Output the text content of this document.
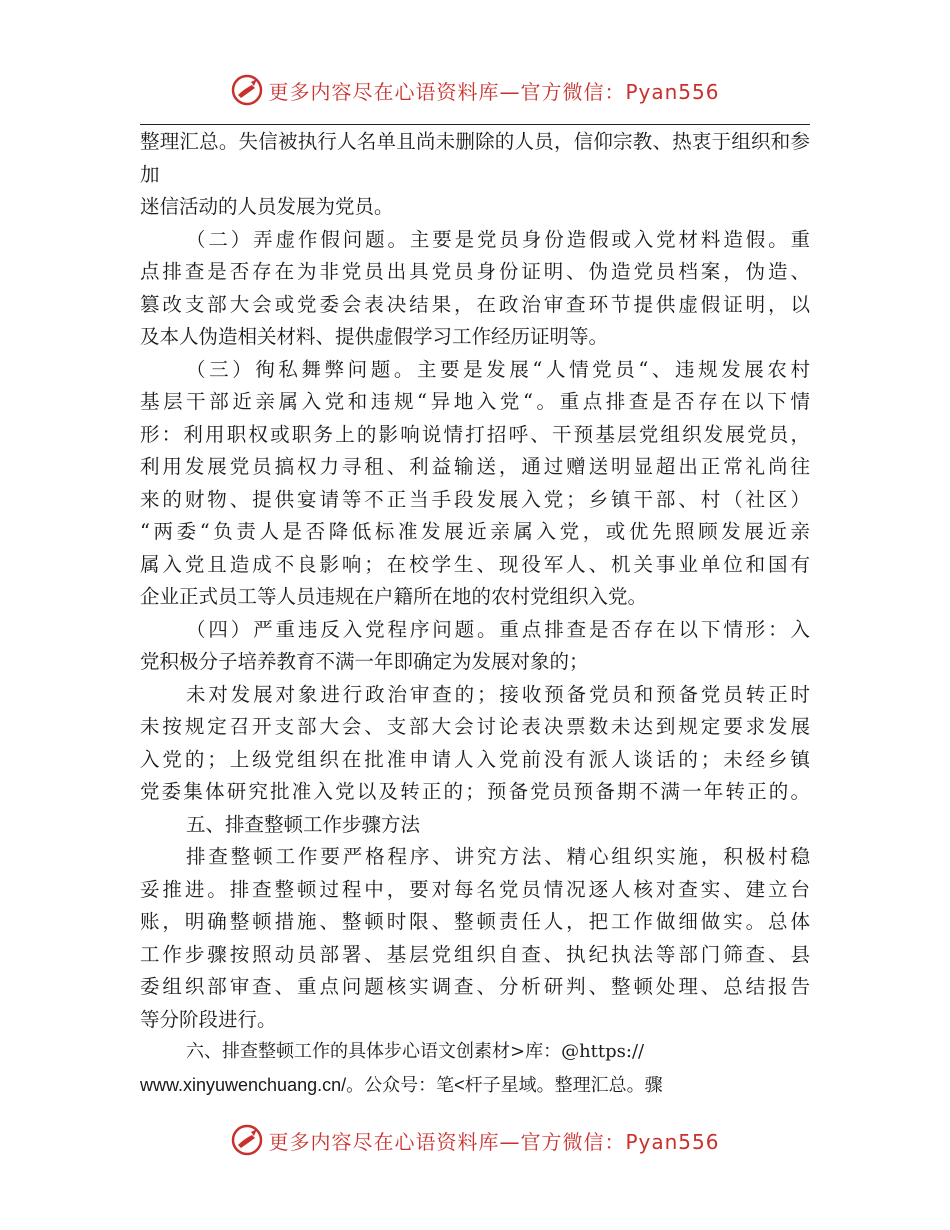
更多内容尽在心语资料库—官方微信：Pyan556

整理汇总。失信被执行人名单且尚未删除的人员，信仰宗教、热衷于组织和参加

迷信活动的人员发展为党员。

（二）弄虚作假问题。主要是党员身份造假或入党材料造假。重

点排查是否存在为非党员出具党员身份证明、伪造党员档案，伪造、

篡改支部大会或党委会表决结果，在政治审查环节提供虚假证明，以

及本人伪造相关材料、提供虚假学习工作经历证明等。

（三）徇私舞弊问题。主要是发展“人情党员“、违规发展农村

基层干部近亲属入党和违规“异地入党“。重点排查是否存在以下情

形：利用职权或职务上的影响说情打招呼、干预基层党组织发展党员，

利用发展党员搞权力寻租、利益输送，通过赠送明显超出正常礼尚往

来的财物、提供宴请等不正当手段发展入党；乡镇干部、村（社区）

“两委“负责人是否降低标准发展近亲属入党，或优先照顾发展近亲

属入党且造成不良影响；在校学生、现役军人、机关事业单位和国有

企业正式员工等人员违规在户籍所在地的农村党组织入党。

（四）严重违反入党程序问题。重点排查是否存在以下情形：入

党积极分子培养教育不满一年即确定为发展对象的；

未对发展对象进行政治审查的；接收预备党员和预备党员转正时

未按规定召开支部大会、支部大会讨论表决票数未达到规定要求发展

入党的；上级党组织在批准申请人入党前没有派人谈话的；未经乡镇

党委集体研究批准入党以及转正的；预备党员预备期不满一年转正的。

五、排查整顿工作步骤方法

排查整顿工作要严格程序、讲究方法、精心组织实施，积极村稳

妥推进。排查整顿过程中，要对每名党员情况逐人核对查实、建立台

账，明确整顿措施、整顿时限、整顿责任人，把工作做细做实。总体

工作步骤按照动员部署、基层党组织自查、执纪执法等部门筛查、县

委组织部审查、重点问题核实调查、分析研判、整顿处理、总结报告

等分阶段进行。

六、排查整顿工作的具体步心语文创素材>库：@https://

www.xinyuwenchuang.cn/。公众号：笔<杆子星域。整理汇总。骤

更多内容尽在心语资料库—官方微信：Pyan556
